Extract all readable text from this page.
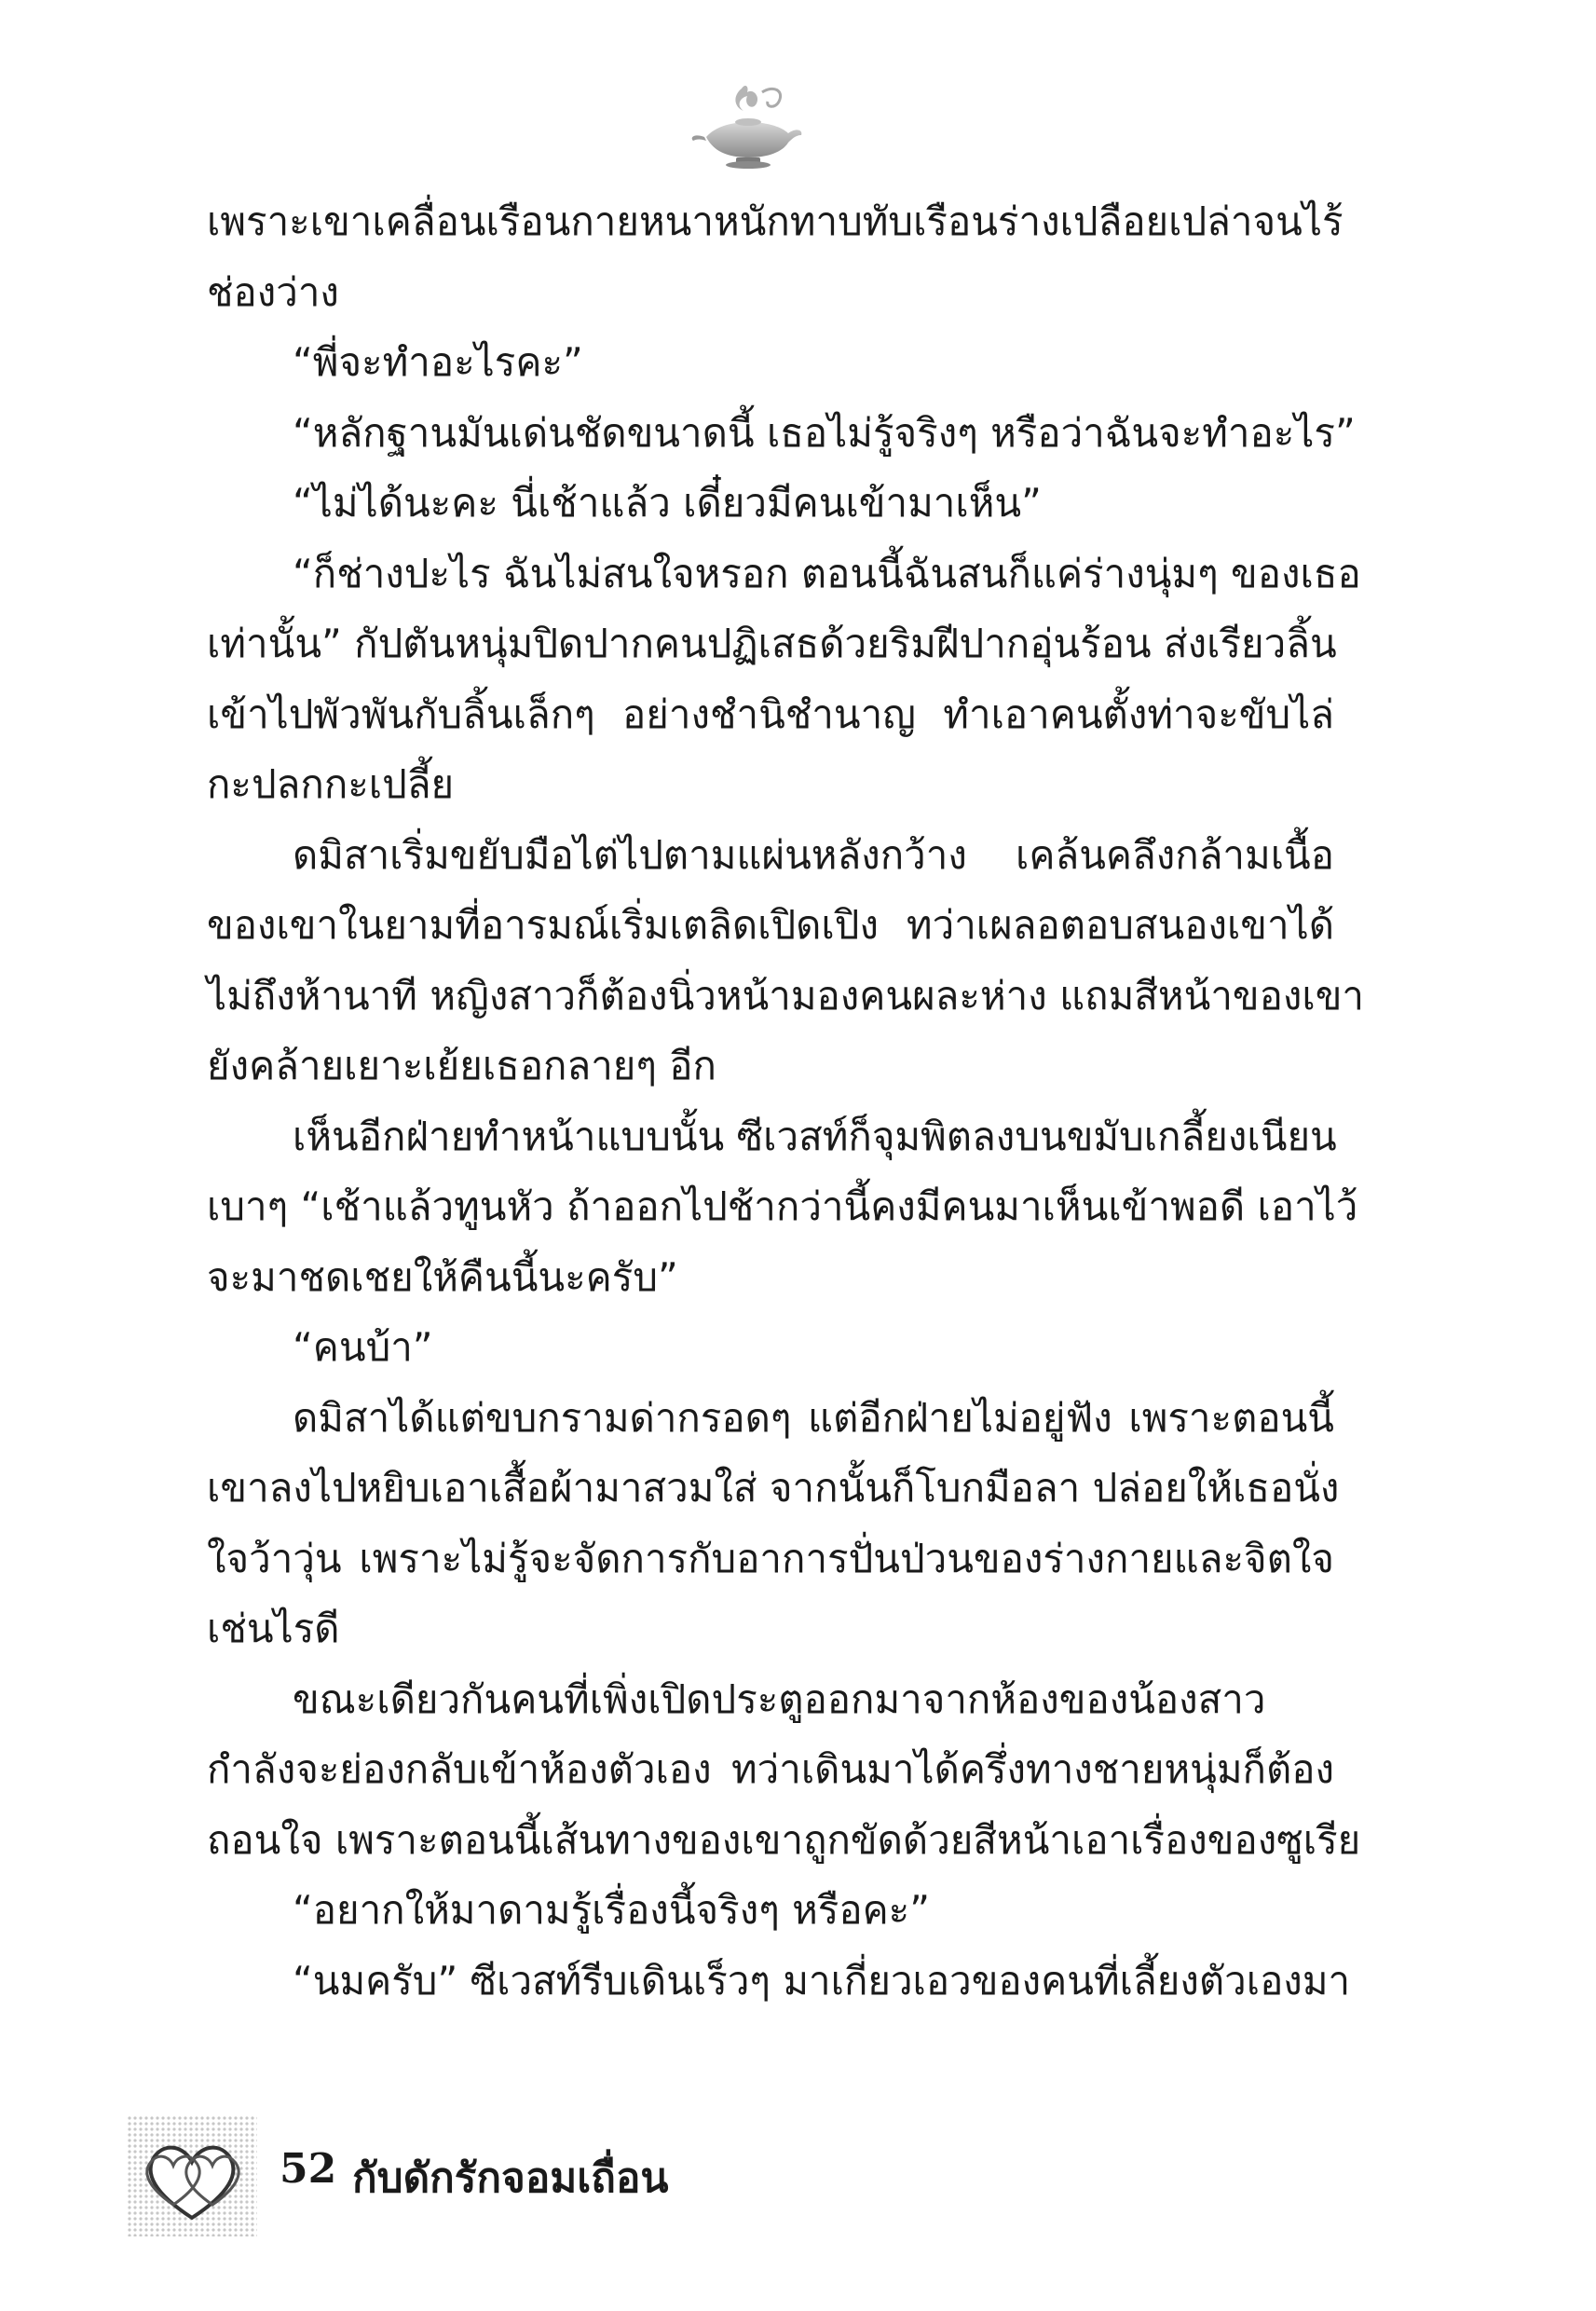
เพราะเขาเคลื่อนเรือนกายหนาหนักทาบทับเรือนร่างเปลือยเปล่าจนไร้
ช่องว่าง
“พี่จะทำอะไรคะ”
“หลักฐานมันเด่นชัดขนาดนี้ เธอไม่รู้จริงๆ หรือว่าฉันจะทำอะไร”
“ไม่ได้นะคะ นี่เช้าแล้ว เดี๋ยวมีคนเข้ามาเห็น”
“ก็ช่างปะไร ฉันไม่สนใจหรอก ตอนนี้ฉันสนก็แค่ร่างนุ่มๆ ของเธอ
เท่านั้น” กัปตันหนุ่มปิดปากคนปฏิเสธด้วยริมฝีปากอุ่นร้อน ส่งเรียวลิ้น
เข้าไปพัวพันกับลิ้นเล็กๆ อย่างชำนิชำนาญ ทำเอาคนตั้งท่าจะขับไล่
กะปลกกะเปลี้ย
ดมิสาเริ่มขยับมือไต่ไปตามแผ่นหลังกว้าง เคล้นคลึงกล้ามเนื้อ
ของเขาในยามที่อารมณ์เริ่มเตลิดเปิดเปิง ทว่าเผลอตอบสนองเขาได้
ไม่ถึงห้านาที หญิงสาวก็ต้องนิ่วหน้ามองคนผละห่าง แถมสีหน้าของเขา
ยังคล้ายเยาะเย้ยเธอกลายๆ อีก
เห็นอีกฝ่ายทำหน้าแบบนั้น ซีเวสท์ก็จุมพิตลงบนขมับเกลี้ยงเนียน
เบาๆ “เช้าแล้วทูนหัว ถ้าออกไปช้ากว่านี้คงมีคนมาเห็นเข้าพอดี เอาไว้
จะมาชดเชยให้คืนนี้นะครับ”
“คนบ้า”
ดมิสาได้แต่ขบกรามด่ากรอดๆ แต่อีกฝ่ายไม่อยู่ฟัง เพราะตอนนี้
เขาลงไปหยิบเอาเสื้อผ้ามาสวมใส่ จากนั้นก็โบกมือลา ปล่อยให้เธอนั่ง
ใจว้าวุ่น เพราะไม่รู้จะจัดการกับอาการปั่นป่วนของร่างกายและจิตใจ
เช่นไรดี
ขณะเดียวกันคนที่เพิ่งเปิดประตูออกมาจากห้องของน้องสาว
กำลังจะย่องกลับเข้าห้องตัวเอง ทว่าเดินมาได้ครึ่งทางชายหนุ่มก็ต้อง
ถอนใจ เพราะตอนนี้เส้นทางของเขาถูกขัดด้วยสีหน้าเอาเรื่องของซูเรีย
“อยากให้มาดามรู้เรื่องนี้จริงๆ หรือคะ”
“นมครับ” ซีเวสท์รีบเดินเร็วๆ มาเกี่ยวเอวของคนที่เลี้ยงตัวเองมา
52 กับดักรักจอมเถื่อน
